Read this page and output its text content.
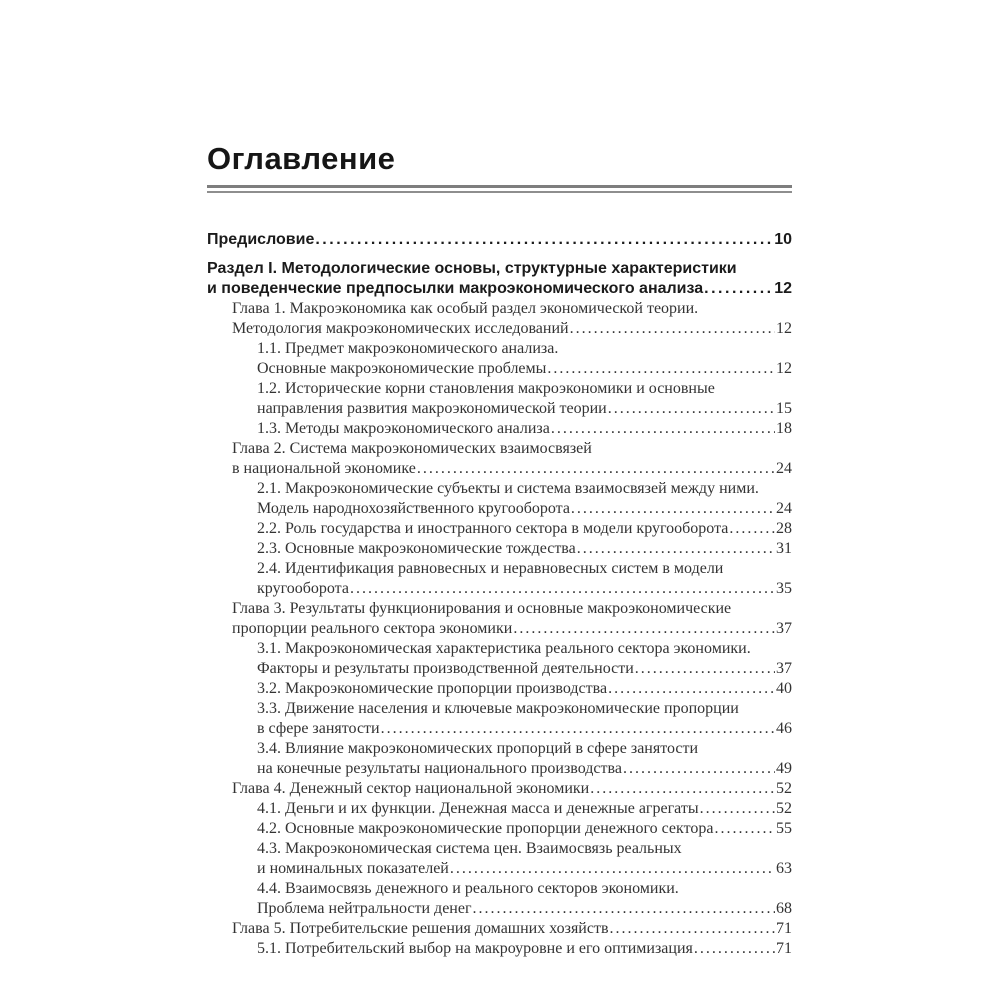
Оглавление
Предисловие .....	10
Раздел I. Методологические основы, структурные характеристики
и поведенческие предпосылки макроэкономического анализа .....	12
Глава 1. Макроэкономика как особый раздел экономической теории.
Методология макроэкономических исследований .....	12
1.1. Предмет макроэкономического анализа.
Основные макроэкономические проблемы .....	12
1.2. Исторические корни становления макроэкономики и основные
направления развития макроэкономической теории .....	15
1.3. Методы макроэкономического анализа .....	18
Глава 2. Система макроэкономических взаимосвязей
в национальной экономике .....	24
2.1. Макроэкономические субъекты и система взаимосвязей между ними.
Модель народнохозяйственного кругооборота .....	24
2.2. Роль государства и иностранного сектора в модели кругооборота .....	28
2.3. Основные макроэкономические тождества .....	31
2.4. Идентификация равновесных и неравновесных систем в модели
кругооборота .....	35
Глава 3. Результаты функционирования и основные макроэкономические
пропорции реального сектора экономики .....	37
3.1. Макроэкономическая характеристика реального сектора экономики.
Факторы и результаты производственной деятельности .....	37
3.2. Макроэкономические пропорции производства .....	40
3.3. Движение населения и ключевые макроэкономические пропорции
в сфере занятости .....	46
3.4. Влияние макроэкономических пропорций в сфере занятости
на конечные результаты национального производства .....	49
Глава 4. Денежный сектор национальной экономики .....	52
4.1. Деньги и их функции. Денежная масса и денежные агрегаты .....	52
4.2. Основные макроэкономические пропорции денежного сектора .....	55
4.3. Макроэкономическая система цен. Взаимосвязь реальных
и номинальных показателей .....	63
4.4. Взаимосвязь денежного и реального секторов экономики.
Проблема нейтральности денег .....	68
Глава 5. Потребительские решения домашних хозяйств .....	71
5.1. Потребительский выбор на макроуровне и его оптимизация .....	71
